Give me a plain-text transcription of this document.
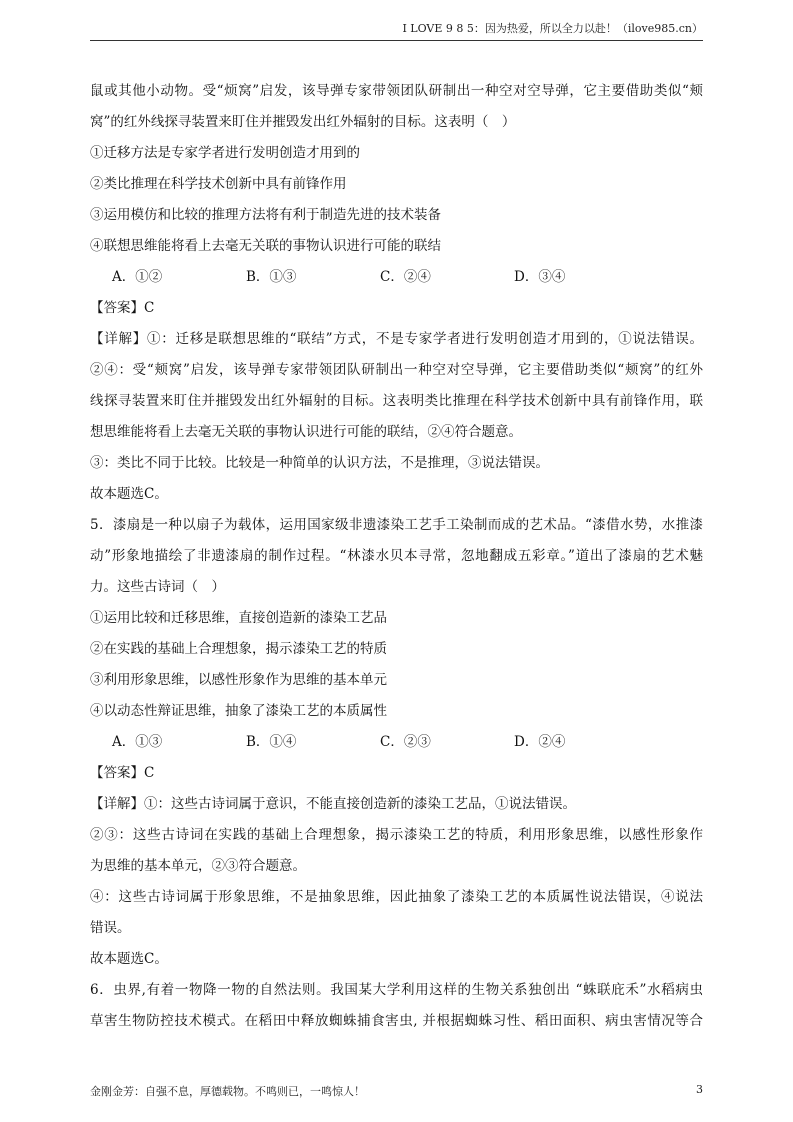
I LOVE 9 8 5：因为热爱，所以全力以赴！（ilove985.cn）
鼠或其他小动物。受“烦窝”启发，该导弹专家带领团队研制出一种空对空导弹，它主要借助类似“颊
窝”的红外线探寻装置来盯住并摧毁发出红外辐射的目标。这表明（　）
①迁移方法是专家学者进行发明创造才用到的
②类比推理在科学技术创新中具有前锋作用
③运用模仿和比较的推理方法将有利于制造先进的技术装备
④联想思维能将看上去毫无关联的事物认识进行可能的联结
A．①②	B．①③	C．②④	D．③④
【答案】C
【详解】①：迁移是联想思维的“联结”方式，不是专家学者进行发明创造才用到的，①说法错误。
②④：受“颊窝”启发，该导弹专家带领团队研制出一种空对空导弹，它主要借助类似“颊窝”的红外
线探寻装置来盯住并摧毁发出红外辐射的目标。这表明类比推理在科学技术创新中具有前锋作用，联
想思维能将看上去毫无关联的事物认识进行可能的联结，②④符合题意。
③：类比不同于比较。比较是一种简单的认识方法，不是推理，③说法错误。
故本题选C。
5．漆扇是一种以扇子为载体，运用国家级非遗漆染工艺手工染制而成的艺术品。“漆借水势，水推漆
动”形象地描绘了非遗漆扇的制作过程。“林漆水贝本寻常，忽地翻成五彩章。”道出了漆扇的艺术魅
力。这些古诗词（　）
①运用比较和迁移思维，直接创造新的漆染工艺品
②在实践的基础上合理想象，揭示漆染工艺的特质
③利用形象思维，以感性形象作为思维的基本单元
④以动态性辩证思维，抽象了漆染工艺的本质属性
A．①③	B．①④	C．②③	D．②④
【答案】C
【详解】①：这些古诗词属于意识，不能直接创造新的漆染工艺品，①说法错误。
②③：这些古诗词在实践的基础上合理想象，揭示漆染工艺的特质，利用形象思维，以感性形象作
为思维的基本单元，②③符合题意。
④：这些古诗词属于形象思维，不是抽象思维，因此抽象了漆染工艺的本质属性说法错误，④说法
错误。
故本题选C。
6．虫界,有着一物降一物的自然法则。我国某大学利用这样的生物关系独创出 “蛛联庇禾”水稻病虫
草害生物防控技术模式。在稻田中释放蜘蛛捕食害虫, 并根据蜘蛛习性、稻田面积、病虫害情况等合
金刚金芳：自强不息，厚德载物。不鸣则已，一鸣惊人！	3
